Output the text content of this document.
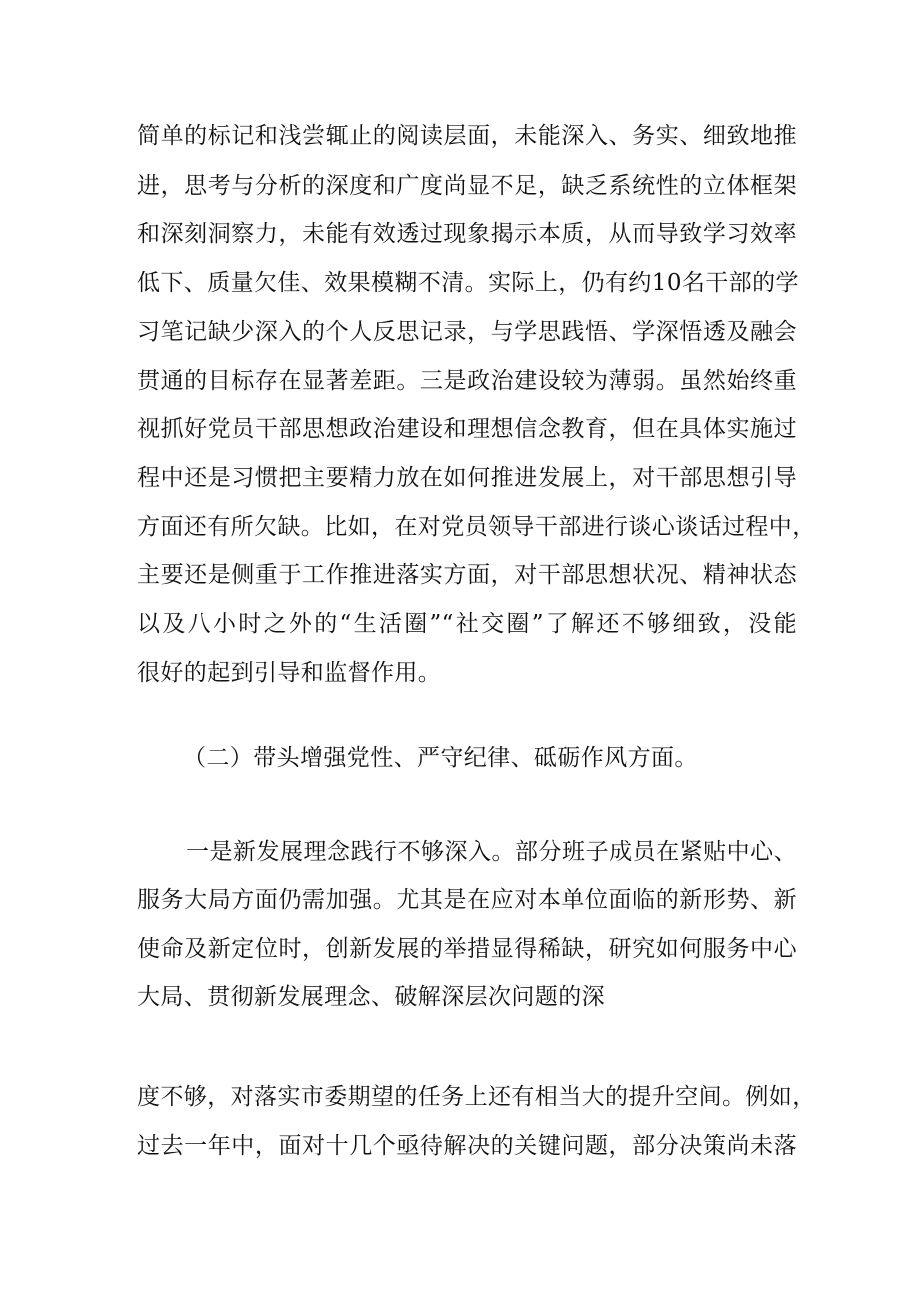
简单的标记和浅尝辄止的阅读层面，未能深入、务实、细致地推
进，思考与分析的深度和广度尚显不足，缺乏系统性的立体框架
和深刻洞察力，未能有效透过现象揭示本质，从而导致学习效率
低下、质量欠佳、效果模糊不清。实际上，仍有约10名干部的学
习笔记缺少深入的个人反思记录，与学思践悟、学深悟透及融会
贯通的目标存在显著差距。三是政治建设较为薄弱。虽然始终重
视抓好党员干部思想政治建设和理想信念教育，但在具体实施过
程中还是习惯把主要精力放在如何推进发展上，对干部思想引导
方面还有所欠缺。比如，在对党员领导干部进行谈心谈话过程中，
主要还是侧重于工作推进落实方面，对干部思想状况、精神状态
以及八小时之外的“生活圈”“社交圈”了解还不够细致，没能
很好的起到引导和监督作用。
（二）带头增强党性、严守纪律、砥砺作风方面。
一是新发展理念践行不够深入。部分班子成员在紧贴中心、
服务大局方面仍需加强。尤其是在应对本单位面临的新形势、新
使命及新定位时，创新发展的举措显得稀缺，研究如何服务中心
大局、贯彻新发展理念、破解深层次问题的深
度不够，对落实市委期望的任务上还有相当大的提升空间。例如，
过去一年中，面对十几个亟待解决的关键问题，部分决策尚未落
